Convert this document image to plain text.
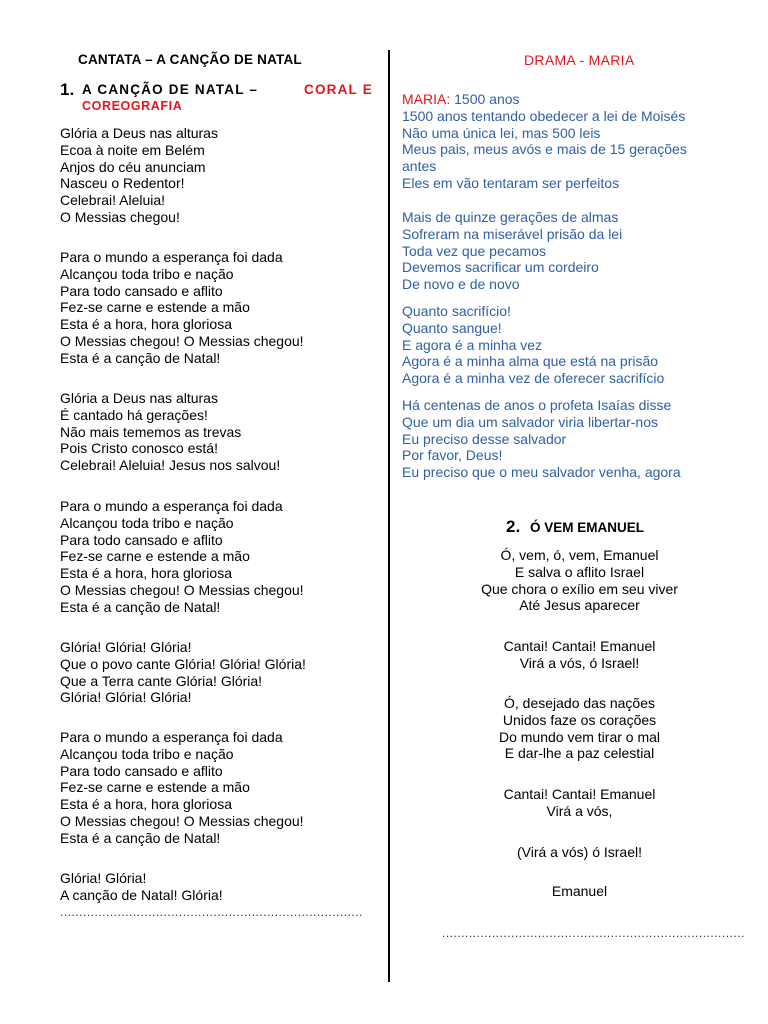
CANTATA – A CANÇÃO DE NATAL
1. A CANÇÃO DE NATAL –	CORAL E
COREOGRAFIA
Glória a Deus nas alturas
Ecoa à noite em Belém
Anjos do céu anunciam
Nasceu o Redentor!
Celebrai! Aleluia!
O Messias chegou!
Para o mundo a esperança foi dada
Alcançou toda tribo e nação
Para todo cansado e aflito
Fez-se carne e estende a mão
Esta é a hora, hora gloriosa
O Messias chegou! O Messias chegou!
Esta é a canção de Natal!
Glória a Deus nas alturas
É cantado há gerações!
Não mais tememos as trevas
Pois Cristo conosco está!
Celebrai! Aleluia! Jesus nos salvou!
Para o mundo a esperança foi dada
Alcançou toda tribo e nação
Para todo cansado e aflito
Fez-se carne e estende a mão
Esta é a hora, hora gloriosa
O Messias chegou! O Messias chegou!
Esta é a canção de Natal!
Glória! Glória! Glória!
Que o povo cante Glória! Glória! Glória!
Que a Terra cante Glória! Glória!
Glória! Glória! Glória!
Para o mundo a esperança foi dada
Alcançou toda tribo e nação
Para todo cansado e aflito
Fez-se carne e estende a mão
Esta é a hora, hora gloriosa
O Messias chegou! O Messias chegou!
Esta é a canção de Natal!
Glória! Glória!
A canção de Natal! Glória!
...............................................................................
DRAMA - MARIA
MARIA: 1500 anos
1500 anos tentando obedecer a lei de Moisés
Não uma única lei, mas 500 leis
Meus pais, meus avós e mais de 15 gerações
antes
Eles em vão tentaram ser perfeitos
Mais de quinze gerações de almas
Sofreram na miserável prisão da lei
Toda vez que pecamos
Devemos sacrificar um cordeiro
De novo e de novo
Quanto sacrifício!
Quanto sangue!
E agora é a minha vez
Agora é a minha alma que está na prisão
Agora é a minha vez de oferecer sacrifício
Há centenas de anos o profeta Isaías disse
Que um dia um salvador viria libertar-nos
Eu preciso desse salvador
Por favor, Deus!
Eu preciso que o meu salvador venha, agora
2. Ó VEM EMANUEL
Ó, vem, ó, vem, Emanuel
E salva o aflito Israel
Que chora o exílio em seu viver
Até Jesus aparecer
Cantai! Cantai! Emanuel
Virá a vós, ó Israel!
Ó, desejado das nações
Unidos faze os corações
Do mundo vem tirar o mal
E dar-lhe a paz celestial
Cantai! Cantai! Emanuel
Virá a vós,
(Virá a vós) ó Israel!
Emanuel
...............................................................................
